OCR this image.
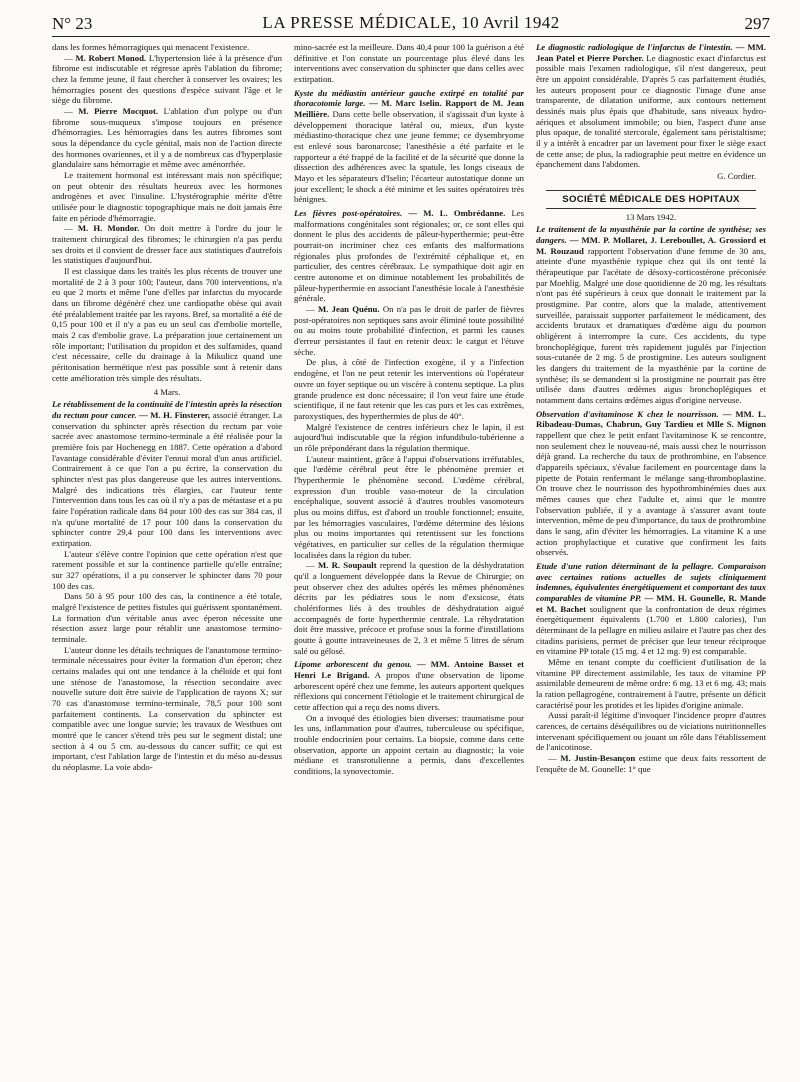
N° 23	LA PRESSE MÉDICALE, 10 Avril 1942	297

dans les formes hémorragiques qui menacent l'existence.

— M. Robert Monod. L'hypertension liée à la présence d'un fibrome est indiscutable et régresse après l'ablation du fibrome; chez la femme jeune, il faut chercher à conserver les ovaires; les hémorragies posent des questions d'espèce suivant l'âge et le siège du fibrome.

— M. Pierre Mocquot. L'ablation d'un polype ou d'un fibrome sous-muqueux s'impose toujours en présence d'hémorragies. Les hémorragies dans les autres fibromes sont sous la dépendance du cycle génital, mais non de l'action directe des hormones ovariennes, et il y a de nombreux cas d'hyperplasie glandulaire sans hémorragie et même avec aménorrhée.

Le traitement hormonal est intéressant mais non spécifique; on peut obtenir des résultats heureux avec les hormones androgènes et avec l'insuline. L'hystérographie mérite d'être utilisée pour le diagnostic topographique mais ne doit jamais être faite en période d'hémorragie.

— M. H. Mondor. On doit mettre à l'ordre du jour le traitement chirurgical des fibromes; le chirurgien n'a pas perdu ses droits et il convient de dresser face aux statistiques d'autrefois les statistiques d'aujourd'hui.

Il est classique dans les traités les plus récents de trouver une mortalité de 2 à 3 pour 100; l'auteur, dans 700 interventions, n'a eu que 2 morts et même l'une d'elles par infarctus du myocarde dans un fibrome dégénéré chez une cardiopathe obèse qui avait été préalablement traitée par les rayons. Bref, sa mortalité a été de 0,15 pour 100 et il n'y a pas eu un seul cas d'embolie mortelle, mais 2 cas d'embolie grave. La préparation joue certainement un rôle important; l'utilisation du propidon et des sulfamides, quand c'est nécessaire, celle du drainage à la Mikulicz quand une péritonisation hermétique n'est pas possible sont à retenir dans cette amélioration très simple des résultats.

4 Mars.

Le rétablissement de la continuité de l'intestin après la résection du rectum pour cancer. — M. H. Finsterer, associé étranger. La conservation du sphincter après résection du rectum par voie sacrée avec anastomose termino-terminale a été réalisée pour la première fois par Hochenegg en 1887. Cette opération a d'abord l'avantage considérable d'éviter l'ennui moral d'un anus artificiel. Contrairement à ce que l'on a pu écrire, la conservation du sphincter n'est pas plus dangereuse que les autres interventions. Malgré des indications très élargies, car l'auteur tente l'intervention dans tous les cas où il n'y a pas de métastase et a pu faire l'opération radicale dans 84 pour 100 des cas sur 384 cas, il n'a qu'une mortalité de 17 pour 100 dans la conservation du sphincter contre 29,4 pour 100 dans les interventions avec extirpation.

L'auteur s'élève contre l'opinion que cette opération n'est que rarement possible et sur la continence partielle qu'elle entraîne; sur 327 opérations, il a pu conserver le sphincter dans 70 pour 100 des cas.

Dans 50 à 95 pour 100 des cas, la continence a été totale, malgré l'existence de petites fistules qui guérissent spontanément. La formation d'un véritable anus avec éperon nécessite une résection assez large pour rétablir une anastomose termino-terminale.

L'auteur donne les détails techniques de l'anastomose termino-terminale nécessaires pour éviter la formation d'un éperon; chez certains malades qui ont une tendance à la chéloïde et qui font une sténose de l'anastomose, la résection secondaire avec nouvelle suture doit être suivie de l'application de rayons X; sur 70 cas d'anastomose termino-terminale, 78,5 pour 100 sont parfaitement continents. La conservation du sphincter est compatible avec une longue survie; les travaux de Westhues ont montré que le cancer s'étend très peu sur le segment distal; une section à 4 ou 5 cm. au-dessous du cancer suffit; ce qui est important, c'est l'ablation large de l'intestin et du méso au-dessus du néoplasme. La voie abdo-

mino-sacrée est la meilleure. Dans 40,4 pour 100 la guérison a été définitive et l'on constate un pourcentage plus élevé dans les interventions avec conservation du sphincter que dans celles avec extirpation.

Kyste du médiastin antérieur gauche extirpé en totalité par thoracotomie large. — M. Marc Iselin. Rapport de M. Jean Meillière. Dans cette belle observation, il s'agissait d'un kyste à développement thoracique latéral ou, mieux, d'un kyste médiastino-thoracique chez une jeune femme; ce dysembryome est enlevé sous baronarcose; l'anesthésie a été parfaite et le rapporteur a été frappé de la facilité et de la sécurité que donne la dissection des adhérences avec la spatule, les longs ciseaux de Mayo et les séparateurs d'Iselin; l'écarteur autostatique donne un jour excellent; le shock a été minime et les suites opératoires très bénignes.

Les fièvres post-opératoires. — M. L. Ombrédanne. Les malformations congénitales sont régionales; or, ce sont elles qui donnent le plus des accidents de pâleur-hyperthermie; peut-être pourrait-on incriminer chez ces enfants des malformations régionales plus profondes de l'extrémité céphalique et, en particulier, des centres cérébraux. Le sympathique doit agir en centre autonome et on diminue notablement les probabilités de pâleur-hyperthermie en associant l'anesthésie locale à l'anesthésie générale.

— M. Jean Quénu. On n'a pas le droit de parler de fièvres post-opératoires non septiques sans avoir éliminé toute possibilité ou au moins toute probabilité d'infection, et parmi les causes d'erreur persistantes il faut en retenir deux: le catgut et l'étuve sèche.

De plus, à côté de l'infection exogène, il y a l'infection endogène, et l'on ne peut retenir les interventions où l'opérateur ouvre un foyer septique ou un viscère à contenu septique. La plus grande prudence est donc nécessaire; il l'on veut faire une étude scientifique, il ne faut retenir que les cas purs et les cas extrêmes, paroxystiques, des hyperthermies de plus de 40°.

Malgré l'existence de centres inférieurs chez le lapin, il est aujourd'hui indiscutable que la région infundibulo-tubérienne a un rôle prépondérant dans la régulation thermique.

L'auteur maintient, grâce à l'appui d'observations irréfutables, que l'œdème cérébral peut être le phénomène premier et l'hyperthermie le phénomène second. L'œdème cérébral, expression d'un trouble vaso-moteur de la circulation encéphalique, souvent associé à d'autres troubles vasomoteurs plus ou moins diffus, est d'abord un trouble fonctionnel; ensuite, par les hémorragies vasculaires, l'œdème détermine des lésions plus ou moins importantes qui retentissent sur les fonctions végétatives, en particulier sur celles de la régulation thermique localisées dans la région du tuber.

— M. R. Soupault reprend la question de la déshydratation qu'il a longuement développée dans la Revue de Chirurgie; on peut observer chez des adultes opérés les mêmes phénomènes décrits par les pédiatres sous le nom d'exsicose, états cholériformes liés à des troubles de déshydratation aigué accompagnés de forte hyperthermie centrale. La réhydratation doit être massive, précoce et profuse sous la forme d'instillations goutte à goutte intraveineuses de 2, 3 et même 5 litres de sérum salé ou gélosé.

Lipome arborescent du genou. — MM. Antoine Basset et Henri Le Brigand. A propos d'une observation de lipome arborescent opéré chez une femme, les auteurs apportent quelques réflexions qui concernent l'étiologie et le traitement chirurgical de cette affection qui a reçu des noms divers.

On a invoqué des étiologies bien diverses: traumatisme pour les uns, inflammation pour d'autres, tuberculeuse ou spécifique, trouble endocrinien pour certains. La biopsie, comme dans cette observation, apporte un appoint certain au diagnostic; la voie médiane et transrotulienne a permis, dans d'excellentes conditions, la synovectomie.

Le diagnostic radiologique de l'infarctus de l'intestin. — MM. Jean Patel et Pierre Porcher. Le diagnostic exact d'infarctus est possible mais l'examen radiologique, s'il n'est dangereux, peut être un appoint considérable. D'après 5 cas parfaitement étudiés, les auteurs proposent pour ce diagnostic l'image d'une anse transparente, de dilatation uniforme, aux contours nettement dessinés mais plus épais que d'habitude, sans niveaux hydro-aériques et absolument immobile; ou bien, l'aspect d'une anse plus opaque, de tonalité stercorale, également sans péristaltisme; il y a intérêt à encadrer par un lavement pour fixer le siège exact de cette anse; de plus, la radiographie peut mettre en évidence un épanchement dans l'abdomen.

G. Cordier.

SOCIÉTÉ MÉDICALE DES HOPITAUX

13 Mars 1942.

Le traitement de la myasthénie par la cortine de synthèse; ses dangers. — MM. P. Mollaret, J. Lereboullet, A. Grossiord et M. Rouzaud rapportent l'observation d'une femme de 30 ans, atteinte d'une myasthénie typique chez qui ils ont tenté la thérapeutique par l'acétate de désoxy-corticostérone préconisée par Moehlig. Malgré une dose quotidienne de 20 mg. les résultats n'ont pas été supérieurs à ceux que donnait le traitement par la prostigmine. Par contre, alors que la malade, attentivement surveillée, paraissait supporter parfaitement le médicament, des accidents brutaux et dramatiques d'œdème aigu du poumon obligèrent à interrompre la cure. Ces accidents, du type bronchoplégique, furent très rapidement jugulés par l'injection sous-cutanée de 2 mg. 5 de prostigmine. Les auteurs soulignent les dangers du traitement de la myasthénie par la cortine de synthèse; ils se demandent si la prostigmine ne pourrait pas être utilisée dans d'autres œdèmes aigus bronchoplégiques et notamment dans certains œdèmes aigus d'origine nerveuse.

Observation d'avitaminose K chez le nourrisson. — MM. L. Ribadeau-Dumas, Chabrun, Guy Tardieu et Mlle S. Mignon rappellent que chez le petit enfant l'avitaminose K se rencontre, non seulement chez le nouveau-né, mais aussi chez le nourrisson déjà grand. La recherche du taux de prothrombine, en l'absence d'appareils spéciaux, s'évalue facilement en pourcentage dans la pipette de Potain renfermant le mélange sang-thromboplastine. On trouve chez le nourrisson des hypothrombinémies dues aux mêmes causes que chez l'adulte et, ainsi que le montre l'observation publiée, il y a avantage à s'assurer avant toute intervention, même de peu d'importance, du taux de prothrombine dans le sang, afin d'éviter les hémorragies. La vitamine K a une action prophylactique et curative que confirment les faits observés.

Etude d'une ration déterminant de la pellagre. Comparaison avec certaines rations actuelles de sujets cliniquement indemnes, équivalentes énergétiquement et comportant des taux comparables de vitamine PP. — MM. H. Gounelle, R. Mande et M. Bachet soulignent que la confrontation de deux régimes énergétiquement équivalents (1.700 et 1.800 calories), l'un déterminant de la pellagre en milieu asilaire et l'autre pas chez des citadins parisiens, permet de préciser que leur teneur réciproque en vitamine PP totale (15 mg. 4 et 12 mg. 9) est comparable.

Même en tenant compte du coefficient d'utilisation de la vitamine PP directement assimilable, les taux de vitamine PP assimilable demeurent de même ordre: 6 mg. 13 et 6 mg. 43; mais la ration pellagrogène, contrairement à l'autre, présente un déficit caractérisé pour les protides et les lipides d'origine animale.

Aussi paraît-il légitime d'invoquer l'incidence propre d'autres carences, de certains déséquilibres ou de viciations nutritionnelles intervenant spécifiquement ou jouant un rôle dans l'établissement de l'anicotinose.

— M. Justin-Besançon estime que deux faits ressortent de l'enquête de M. Gounelle: 1° que
